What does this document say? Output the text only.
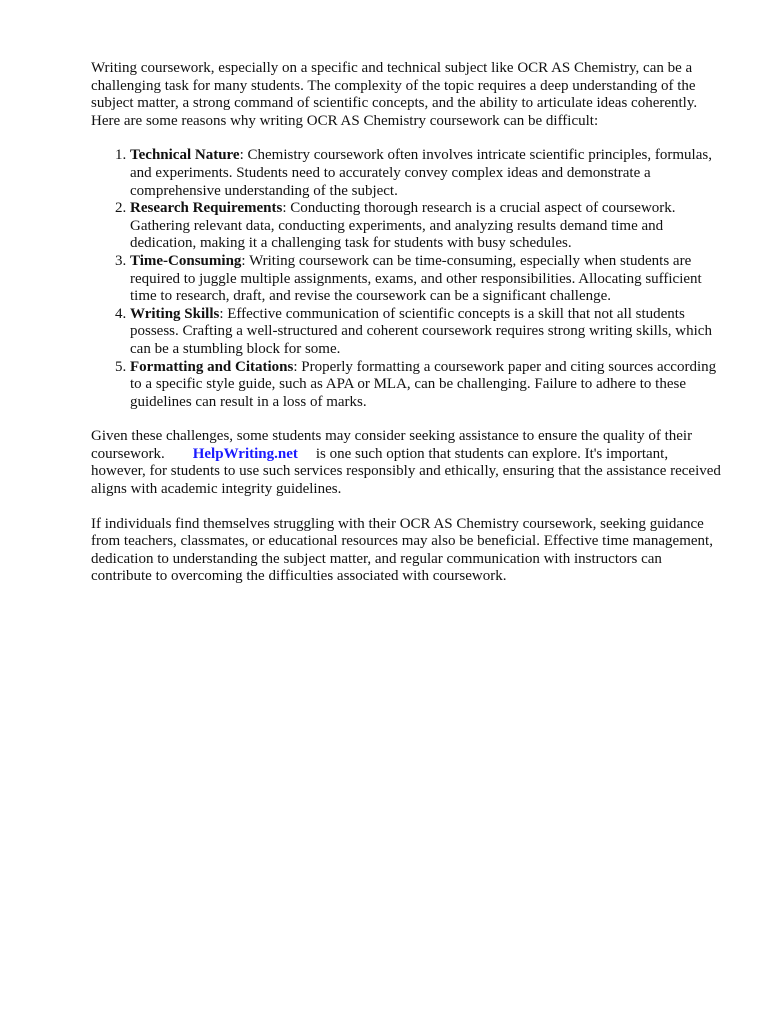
Writing coursework, especially on a specific and technical subject like OCR AS Chemistry, can be a challenging task for many students. The complexity of the topic requires a deep understanding of the subject matter, a strong command of scientific concepts, and the ability to articulate ideas coherently. Here are some reasons why writing OCR AS Chemistry coursework can be difficult:

1. Technical Nature: Chemistry coursework often involves intricate scientific principles, formulas, and experiments. Students need to accurately convey complex ideas and demonstrate a comprehensive understanding of the subject.
2. Research Requirements: Conducting thorough research is a crucial aspect of coursework. Gathering relevant data, conducting experiments, and analyzing results demand time and dedication, making it a challenging task for students with busy schedules.
3. Time-Consuming: Writing coursework can be time-consuming, especially when students are required to juggle multiple assignments, exams, and other responsibilities. Allocating sufficient time to research, draft, and revise the coursework can be a significant challenge.
4. Writing Skills: Effective communication of scientific concepts is a skill that not all students possess. Crafting a well-structured and coherent coursework requires strong writing skills, which can be a stumbling block for some.
5. Formatting and Citations: Properly formatting a coursework paper and citing sources according to a specific style guide, such as APA or MLA, can be challenging. Failure to adhere to these guidelines can result in a loss of marks.

Given these challenges, some students may consider seeking assistance to ensure the quality of their coursework. HelpWriting.net is one such option that students can explore. It's important, however, for students to use such services responsibly and ethically, ensuring that the assistance received aligns with academic integrity guidelines.

If individuals find themselves struggling with their OCR AS Chemistry coursework, seeking guidance from teachers, classmates, or educational resources may also be beneficial. Effective time management, dedication to understanding the subject matter, and regular communication with instructors can contribute to overcoming the difficulties associated with coursework.
